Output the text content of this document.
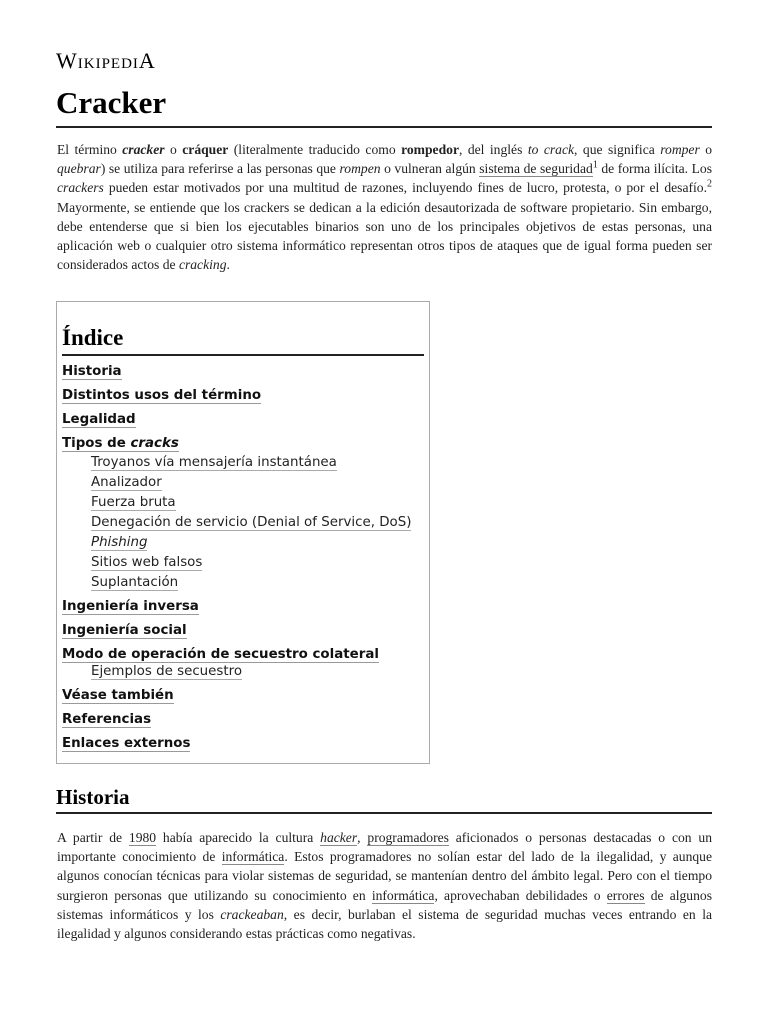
WikipediA
Cracker

El término cracker o cráquer (literalmente traducido como rompedor, del inglés to crack, que significa romper o quebrar) se utiliza para referirse a las personas que rompen o vulneran algún sistema de seguridad$^1$ de forma ilícita. Los crackers pueden estar motivados por una multitud de razones, incluyendo fines de lucro, protesta, o por el desafío.$^2$ Mayormente, se entiende que los crackers se dedican a la edición desautorizada de software propietario. Sin embargo, debe entenderse que si bien los ejecutables binarios son uno de los principales objetivos de estas personas, una aplicación web o cualquier otro sistema informático representan otros tipos de ataques que de igual forma pueden ser considerados actos de cracking.

Índice
Historia
Distintos usos del término
Legalidad
Tipos de cracks
Troyanos vía mensajería instantánea
Analizador
Fuerza bruta
Denegación de servicio (Denial of Service, DoS)
Phishing
Sitios web falsos
Suplantación
Ingeniería inversa
Ingeniería social
Modo de operación de secuestro colateral
Ejemplos de secuestro
Véase también
Referencias
Enlaces externos
Historia

A partir de 1980 había aparecido la cultura hacker, programadores aficionados o personas destacadas o con un importante conocimiento de informática. Estos programadores no solían estar del lado de la ilegalidad, y aunque algunos conocían técnicas para violar sistemas de seguridad, se mantenían dentro del ámbito legal. Pero con el tiempo surgieron personas que utilizando su conocimiento en informática, aprovechaban debilidades o errores de algunos sistemas informáticos y los crackeaban, es decir, burlaban el sistema de seguridad muchas veces entrando en la ilegalidad y algunos considerando estas prácticas como negativas.
